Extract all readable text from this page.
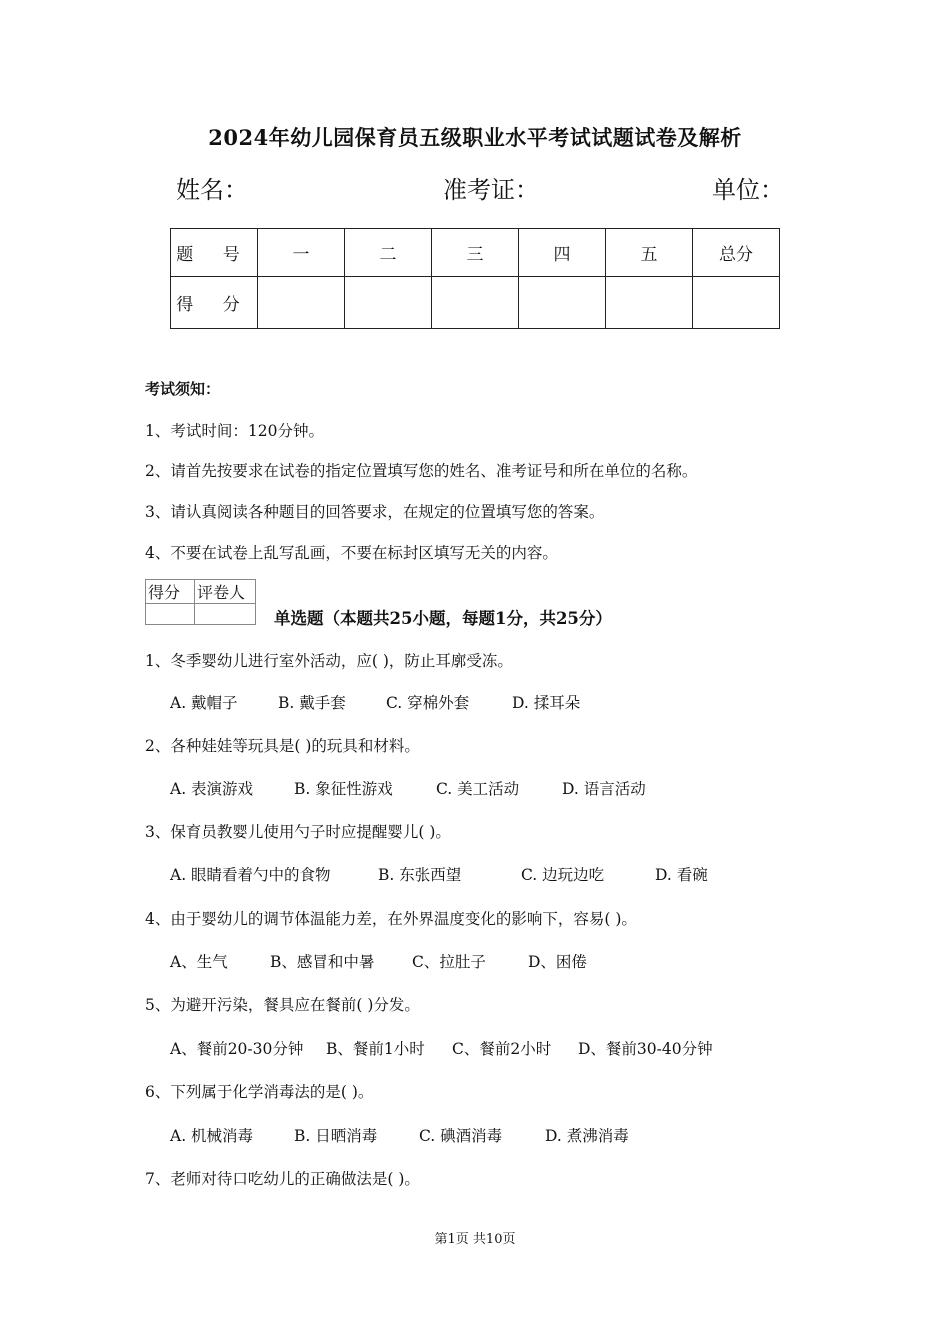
2024年幼儿园保育员五级职业水平考试试题试卷及解析
姓名：	准考证：	单位：
题 号	一	二	三	四	五	总分
得 分						
考试须知：
1、考试时间：120分钟。
2、请首先按要求在试卷的指定位置填写您的姓名、准考证号和所在单位的名称。
3、请认真阅读各种题目的回答要求，在规定的位置填写您的答案。
4、不要在试卷上乱写乱画，不要在标封区填写无关的内容。
得分	评卷人

单选题（本题共25小题，每题1分，共25分）
1、冬季婴幼儿进行室外活动，应( )，防止耳廓受冻。
A. 戴帽子	B. 戴手套	C. 穿棉外套	D. 揉耳朵
2、各种娃娃等玩具是( )的玩具和材料。
A. 表演游戏	B. 象征性游戏	C. 美工活动	D. 语言活动
3、保育员教婴儿使用勺子时应提醒婴儿( )。
A. 眼睛看着勺中的食物	B. 东张西望	C. 边玩边吃	D. 看碗
4、由于婴幼儿的调节体温能力差，在外界温度变化的影响下，容易( )。
A、生气	B、感冒和中暑 C、拉肚子	D、困倦
5、为避开污染，餐具应在餐前( )分发。
A、餐前20-30分钟 B、餐前1小时 C、餐前2小时 D、餐前30-40分钟
6、下列属于化学消毒法的是( )。
A. 机械消毒	B. 日晒消毒	C. 碘酒消毒	D. 煮沸消毒
7、老师对待口吃幼儿的正确做法是( )。
第1页 共10页
